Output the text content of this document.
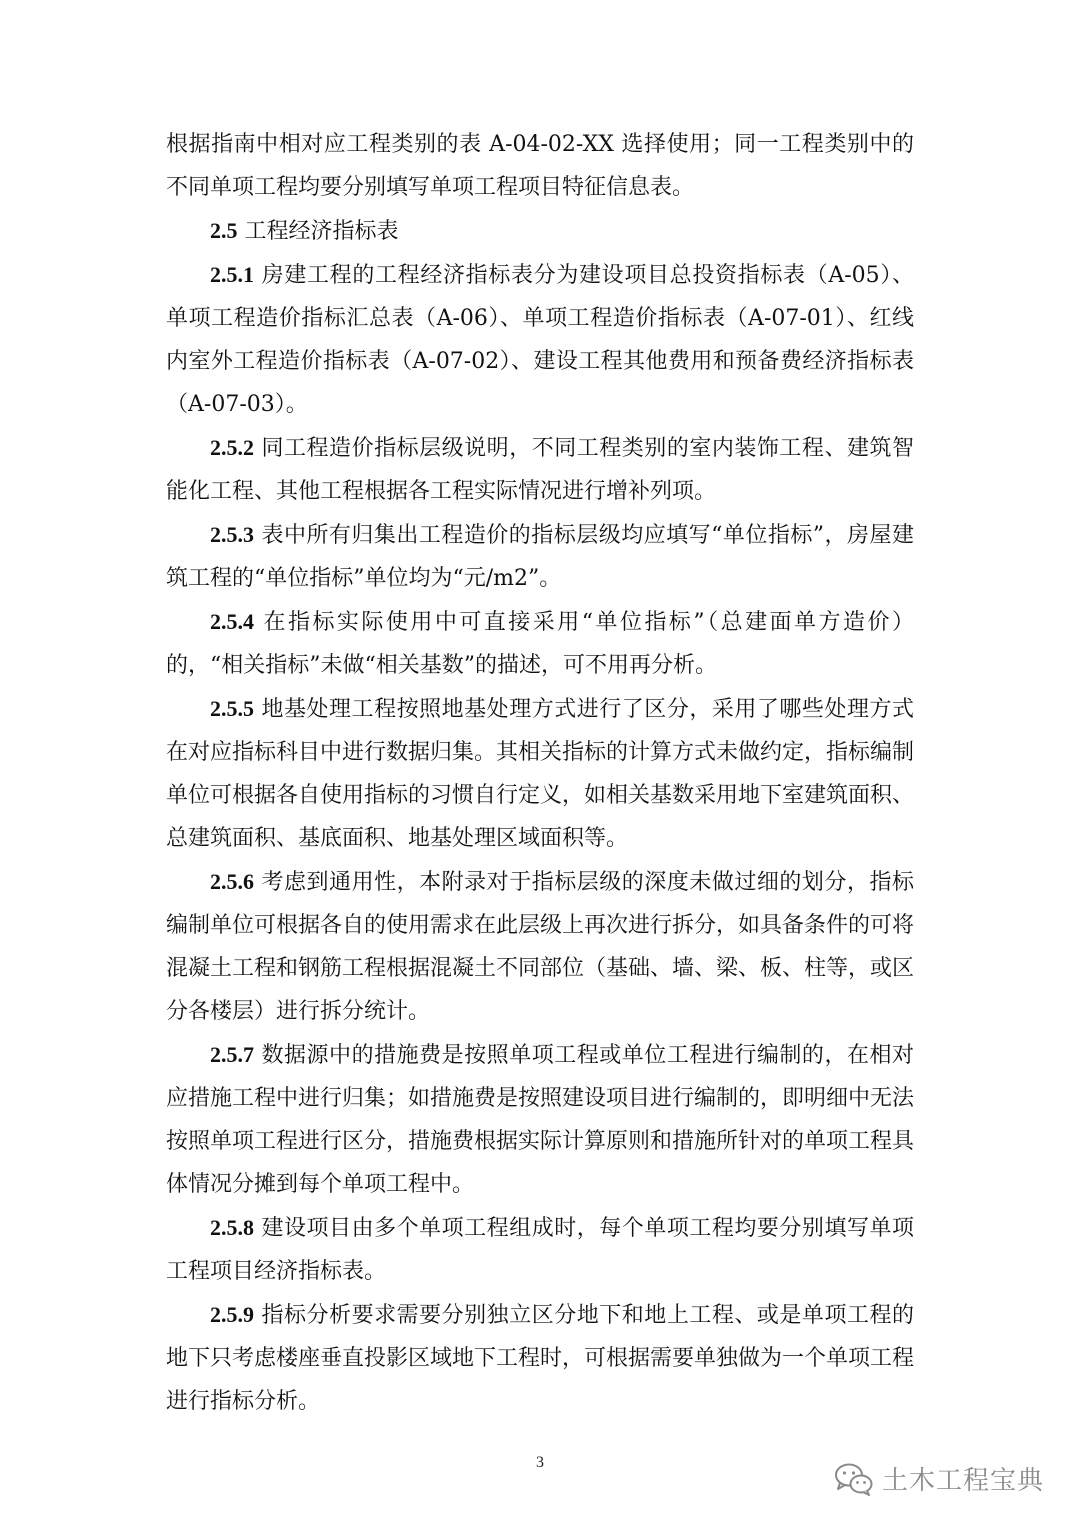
根据指南中相对应工程类别的表 A-04-02-XX 选择使用；同一工程类别中的不同单项工程均要分别填写单项工程项目特征信息表。

2.5 工程经济指标表

2.5.1 房建工程的工程经济指标表分为建设项目总投资指标表（A-05）、单项工程造价指标汇总表（A-06）、单项工程造价指标表（A-07-01）、红线内室外工程造价指标表（A-07-02）、建设工程其他费用和预备费经济指标表（A-07-03）。

2.5.2 同工程造价指标层级说明，不同工程类别的室内装饰工程、建筑智能化工程、其他工程根据各工程实际情况进行增补列项。

2.5.3 表中所有归集出工程造价的指标层级均应填写“单位指标”，房屋建筑工程的“单位指标”单位均为“元/m2”。

2.5.4 在指标实际使用中可直接采用“单位指标”（总建面单方造价）的，“相关指标”未做“相关基数”的描述，可不用再分析。

2.5.5 地基处理工程按照地基处理方式进行了区分，采用了哪些处理方式在对应指标科目中进行数据归集。其相关指标的计算方式未做约定，指标编制单位可根据各自使用指标的习惯自行定义，如相关基数采用地下室建筑面积、总建筑面积、基底面积、地基处理区域面积等。

2.5.6 考虑到通用性，本附录对于指标层级的深度未做过细的划分，指标编制单位可根据各自的使用需求在此层级上再次进行拆分，如具备条件的可将混凝土工程和钢筋工程根据混凝土不同部位（基础、墙、梁、板、柱等，或区分各楼层）进行拆分统计。

2.5.7 数据源中的措施费是按照单项工程或单位工程进行编制的，在相对应措施工程中进行归集；如措施费是按照建设项目进行编制的，即明细中无法按照单项工程进行区分，措施费根据实际计算原则和措施所针对的单项工程具体情况分摊到每个单项工程中。

2.5.8 建设项目由多个单项工程组成时，每个单项工程均要分别填写单项工程项目经济指标表。

2.5.9 指标分析要求需要分别独立区分地下和地上工程、或是单项工程的地下只考虑楼座垂直投影区域地下工程时，可根据需要单独做为一个单项工程进行指标分析。

3
土木工程宝典
